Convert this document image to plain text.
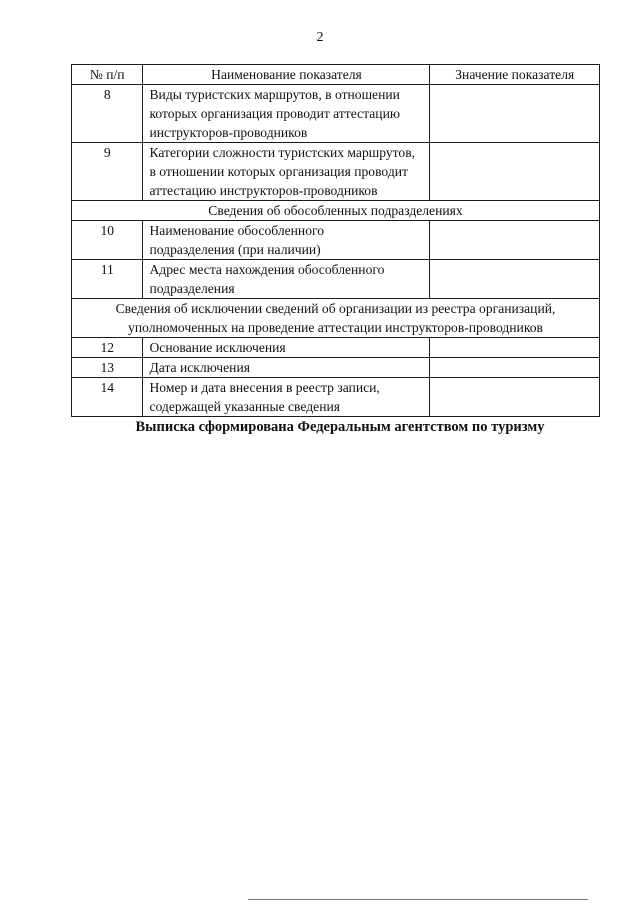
2
№ п/п	Наименование показателя	Значение показателя
8	Виды туристских маршрутов, в отношении
которых организация проводит аттестацию
инструкторов-проводников	

9	Категории сложности туристских маршрутов,
в отношении которых организация проводит
аттестацию инструкторов-проводников	

Сведения об обособленных подразделениях		
10	Наименование обособленного
подразделения (при наличии)	

11	Адрес места нахождения обособленного
подразделения	

Сведения об исключении сведений об организации из реестра организаций,
уполномоченных на проведение аттестации инструкторов-проводников		

12	Основание исключения	

13	Дата исключения	

14	Номер и дата внесения в реестр записи,
содержащей указанные сведения	

Выписка сформирована Федеральным агентством по туризму
